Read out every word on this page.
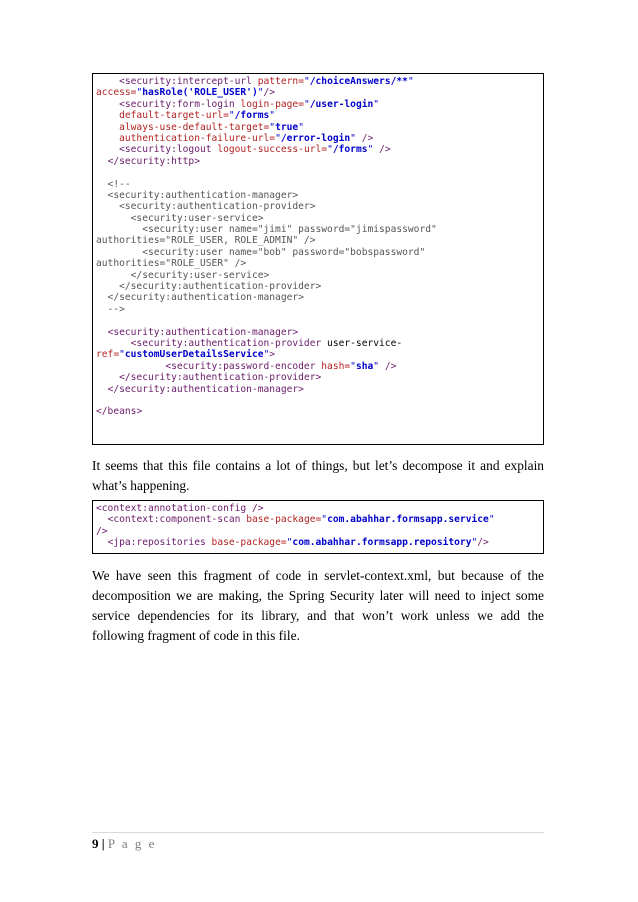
<security:intercept-url pattern="/choiceAnswers/**"
access="hasRole('ROLE_USER')"/>
<security:form-login login-page="/user-login"
default-target-url="/forms"
always-use-default-target="true"
authentication-failure-url="/error-login" />
<security:logout logout-success-url="/forms" />
</security:http>

<!--
<security:authentication-manager>
<security:authentication-provider>
<security:user-service>
<security:user name="jimi" password="jimispassword"
authorities="ROLE_USER, ROLE_ADMIN" />
<security:user name="bob" password="bobspassword"
authorities="ROLE_USER" />
</security:user-service>
</security:authentication-provider>
</security:authentication-manager>
-->

<security:authentication-manager>
<security:authentication-provider user-service-
ref="customUserDetailsService">
<security:password-encoder hash="sha" />
</security:authentication-provider>
</security:authentication-manager>

</beans>
It seems that this file contains a lot of things, but let’s decompose it and explain what’s happening.
<context:annotation-config />
<context:component-scan base-package="com.abahhar.formsapp.service"
/>
<jpa:repositories base-package="com.abahhar.formsapp.repository"/>
We have seen this fragment of code in servlet-context.xml, but because of the decomposition we are making, the Spring Security later will need to inject some service dependencies for its library, and that won’t work unless we add the following fragment of code in this file.
9 | P a g e
